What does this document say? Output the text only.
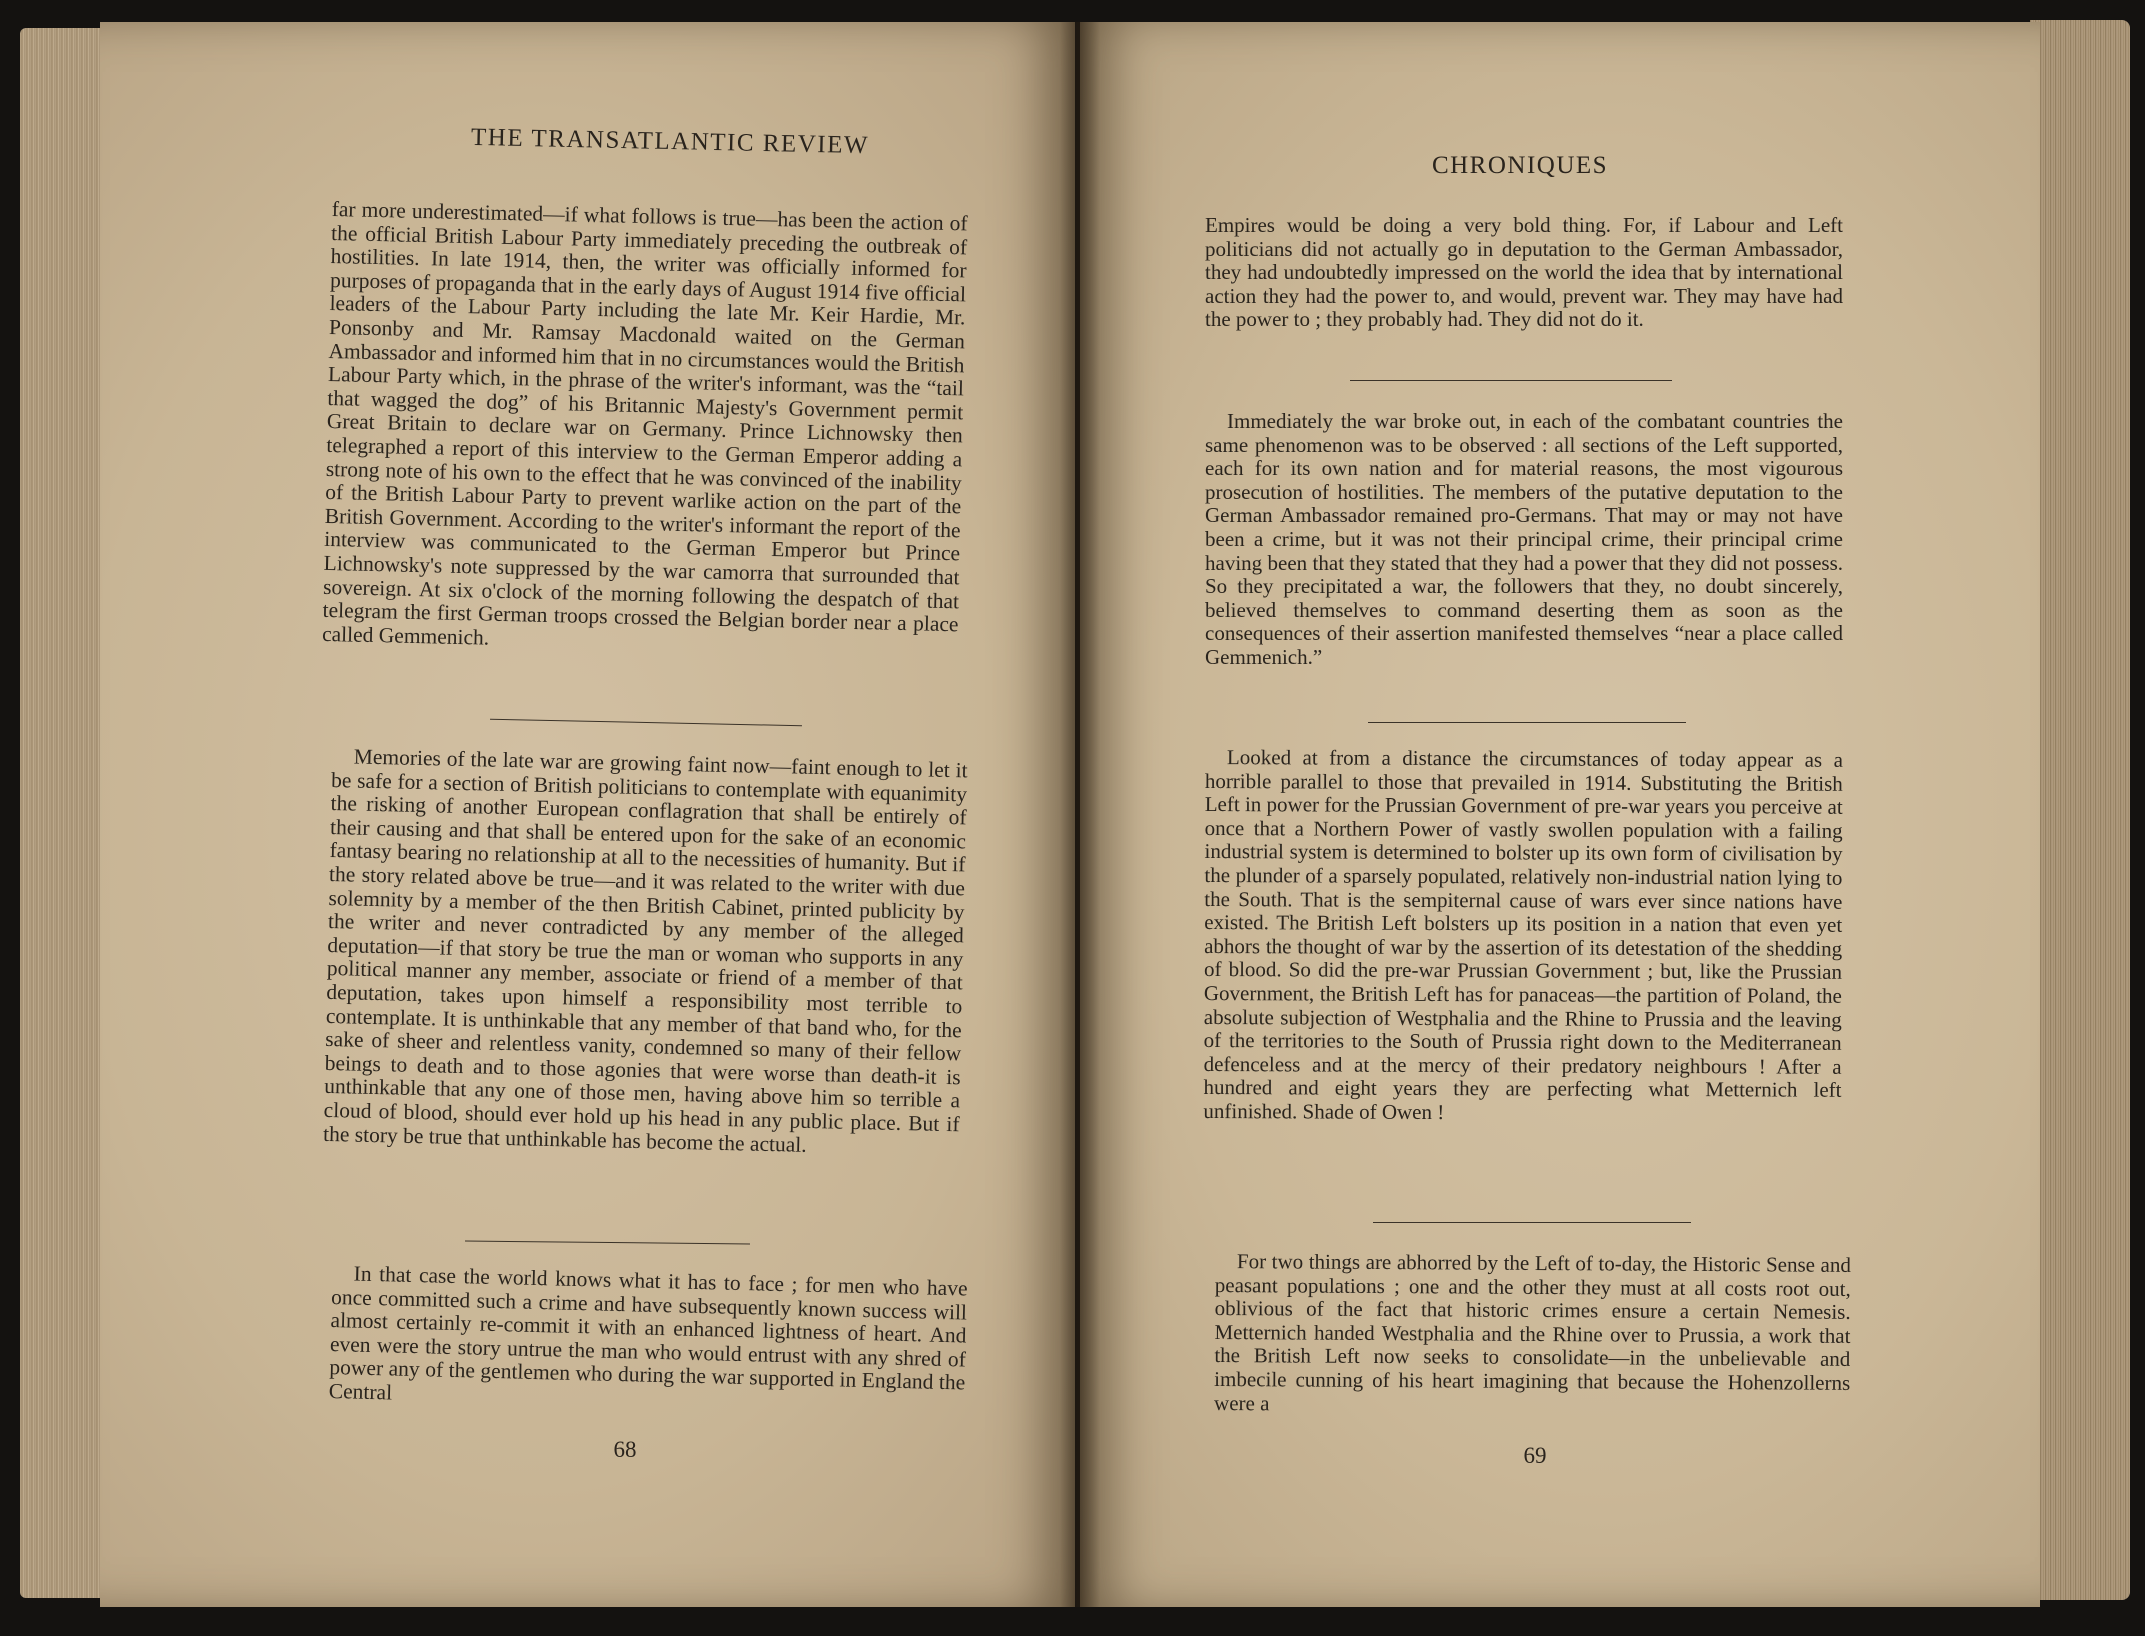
THE TRANSATLANTIC REVIEW

far more underestimated—if what follows is true—has been the action of the official British Labour Party immediately preceding the outbreak of hostilities. In late 1914, then, the writer was officially informed for purposes of propaganda that in the early days of August 1914 five official leaders of the Labour Party including the late Mr. Keir Hardie, Mr. Ponsonby and Mr. Ramsay Macdonald waited on the German Ambassador and informed him that in no circumstances would the British Labour Party which, in the phrase of the writer's informant, was the “tail that wagged the dog” of his Britannic Majesty's Government permit Great Britain to declare war on Germany. Prince Lichnowsky then telegraphed a report of this interview to the German Emperor adding a strong note of his own to the effect that he was convinced of the inability of the British Labour Party to prevent warlike action on the part of the British Government. According to the writer's informant the report of the interview was communicated to the German Emperor but Prince Lichnowsky's note suppressed by the war camorra that surrounded that sovereign. At six o'clock of the morning following the despatch of that telegram the first German troops crossed the Belgian border near a place called Gemmenich.

Memories of the late war are growing faint now—faint enough to let it be safe for a section of British politicians to contemplate with equanimity the risking of another European conflagration that shall be entirely of their causing and that shall be entered upon for the sake of an economic fantasy bearing no relationship at all to the necessities of humanity. But if the story related above be true—and it was related to the writer with due solemnity by a member of the then British Cabinet, printed publicity by the writer and never contradicted by any member of the alleged deputation—if that story be true the man or woman who supports in any political manner any member, associate or friend of a member of that deputation, takes upon himself a responsibility most terrible to contemplate. It is unthinkable that any member of that band who, for the sake of sheer and relentless vanity, condemned so many of their fellow beings to death and to those agonies that were worse than death-it is unthinkable that any one of those men, having above him so terrible a cloud of blood, should ever hold up his head in any public place. But if the story be true that unthinkable has become the actual.

In that case the world knows what it has to face ; for men who have once committed such a crime and have subsequently known success will almost certainly re-commit it with an enhanced lightness of heart. And even were the story untrue the man who would entrust with any shred of power any of the gentlemen who during the war supported in England the Central

68
CHRONIQUES

Empires would be doing a very bold thing. For, if Labour and Left politicians did not actually go in deputation to the German Ambassador, they had undoubtedly impressed on the world the idea that by international action they had the power to, and would, prevent war. They may have had the power to ; they probably had. They did not do it.

Immediately the war broke out, in each of the combatant countries the same phenomenon was to be observed : all sections of the Left supported, each for its own nation and for material reasons, the most vigourous prosecution of hostilities. The members of the putative deputation to the German Ambassador remained pro-Germans. That may or may not have been a crime, but it was not their principal crime, their principal crime having been that they stated that they had a power that they did not possess. So they precipitated a war, the followers that they, no doubt sincerely, believed themselves to command deserting them as soon as the consequences of their assertion manifested themselves “near a place called Gemmenich.”

Looked at from a distance the circumstances of today appear as a horrible parallel to those that prevailed in 1914. Substituting the British Left in power for the Prussian Government of pre-war years you perceive at once that a Northern Power of vastly swollen population with a failing industrial system is determined to bolster up its own form of civilisation by the plunder of a sparsely populated, relatively non-industrial nation lying to the South. That is the sempiternal cause of wars ever since nations have existed. The British Left bolsters up its position in a nation that even yet abhors the thought of war by the assertion of its detestation of the shedding of blood. So did the pre-war Prussian Government ; but, like the Prussian Government, the British Left has for panaceas—the partition of Poland, the absolute subjection of Westphalia and the Rhine to Prussia and the leaving of the territories to the South of Prussia right down to the Mediterranean defenceless and at the mercy of their predatory neighbours ! After a hundred and eight years they are perfecting what Metternich left unfinished. Shade of Owen !

For two things are abhorred by the Left of to-day, the Historic Sense and peasant populations ; one and the other they must at all costs root out, oblivious of the fact that historic crimes ensure a certain Nemesis. Metternich handed Westphalia and the Rhine over to Prussia, a work that the British Left now seeks to consolidate—in the unbelievable and imbecile cunning of his heart imagining that because the Hohenzollerns were a

69
